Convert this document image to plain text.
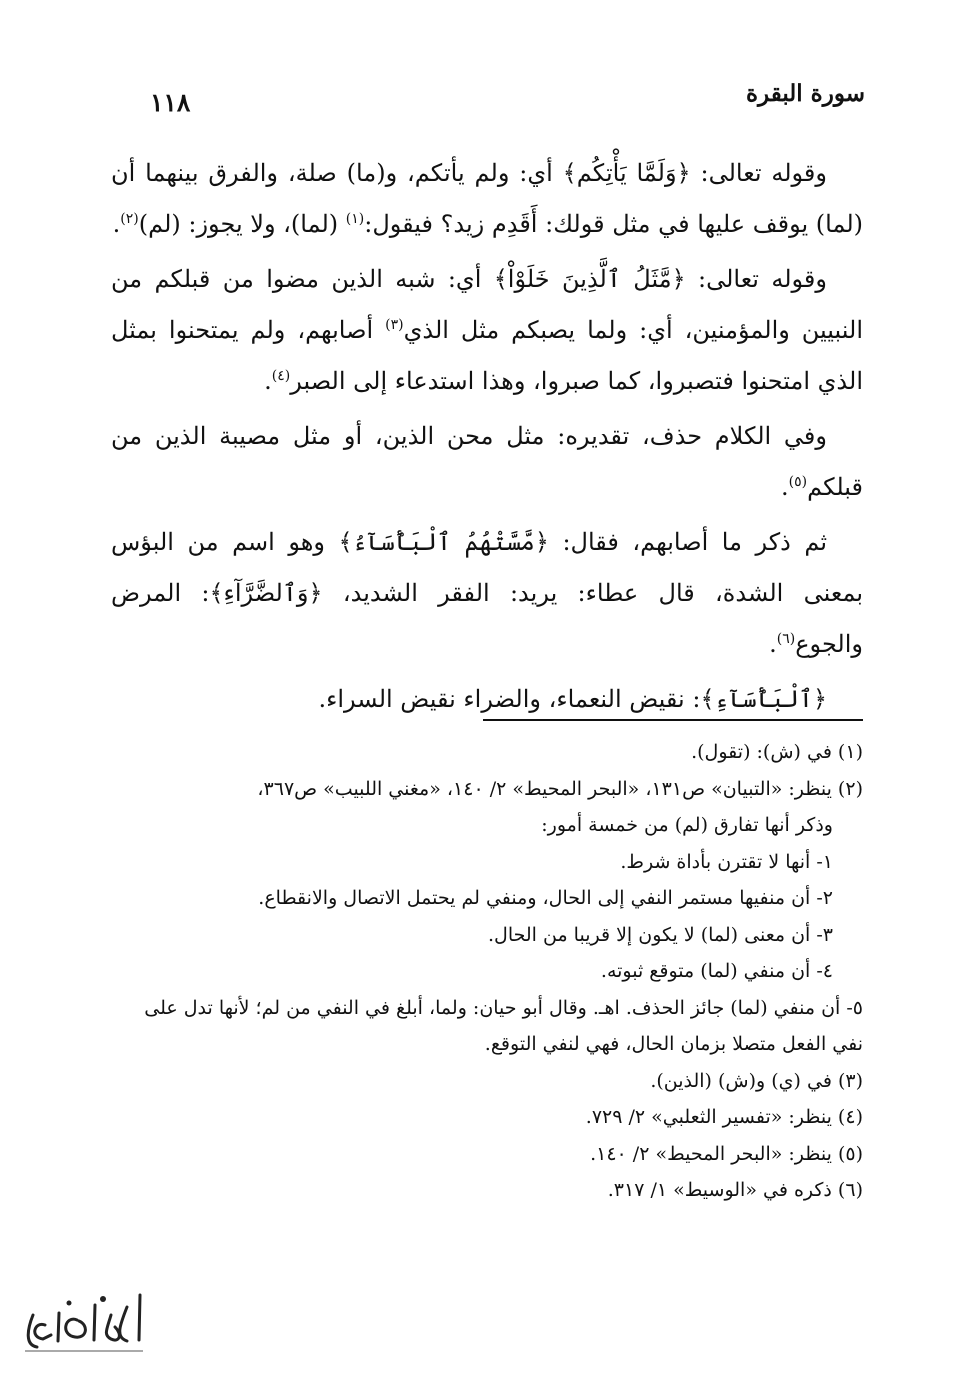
١١٨	سورة البقرة

وقوله تعالى: ﴿وَلَمَّا يَأْتِكُم﴾ أي: ولم يأتكم، و(ما) صلة، والفرق بينهما أن (لما) يوقف عليها في مثل قولك: أَقَدِم زيد؟ فيقول:$^{(١)}$ (لما)، ولا يجوز: (لم)$^{(٢)}$.

وقوله تعالى: ﴿مَّثَلُ ٱلَّذِينَ خَلَوْاْ﴾ أي: شبه الذين مضوا من قبلكم من النبيين والمؤمنين، أي: ولما يصبكم مثل الذي$^{(٣)}$ أصابهم، ولم يمتحنوا بمثل الذي امتحنوا فتصبروا، كما صبروا، وهذا استدعاء إلى الصبر$^{(٤)}$.

وفي الكلام حذف، تقديره: مثل محن الذين، أو مثل مصيبة الذين من قبلكم$^{(٥)}$.

ثم ذكر ما أصابهم، فقال: ﴿مَّسَّتْهُمُ ٱلْبَأْسَآءُ﴾ وهو اسم من البؤس بمعنى الشدة، قال عطاء: يريد: الفقر الشديد، ﴿وَٱلضَّرَّآءِ﴾: المرض والجوع$^{(٦)}$.

﴿ٱلْبَأْسَآءِ﴾: نقيض النعماء، والضراء نقيض السراء.

(١) في (ش): (تقول).

(٢) ينظر: «التبيان» ص١٣١، «البحر المحيط» ٢/ ١٤٠، «مغني اللبيب» ص٣٦٧،

وذكر أنها تفارق (لم) من خمسة أمور:

١- أنها لا تقترن بأداة شرط.

٢- أن منفيها مستمر النفي إلى الحال، ومنفي لم يحتمل الاتصال والانقطاع.

٣- أن معنى (لما) لا يكون إلا قريبا من الحال.

٤- أن منفي (لما) متوقع ثبوته.

٥- أن منفي (لما) جائز الحذف. اهـ. وقال أبو حيان: ولما، أبلغ في النفي من لم؛ لأنها تدل على نفي الفعل متصلا بزمان الحال، فهي لنفي التوقع.

(٣) في (ي) و(ش) (الذين).

(٤) ينظر: «تفسير الثعلبي» ٢/ ٧٢٩.

(٥) ينظر: «البحر المحيط» ٢/ ١٤٠.

(٦) ذكره في «الوسيط» ١/ ٣١٧.
